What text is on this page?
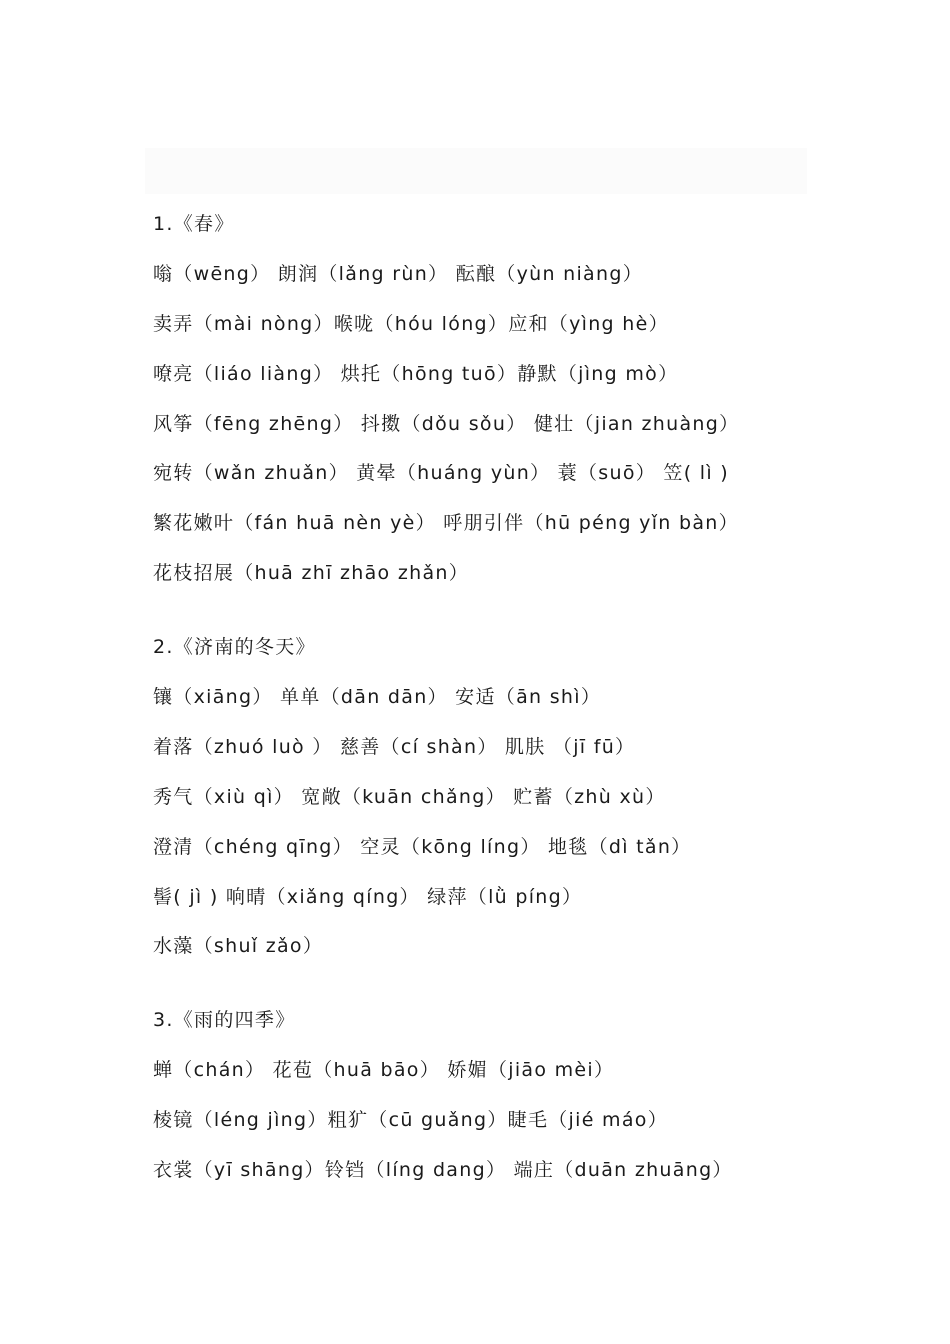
1.《春》
嗡（wēng） 朗润（lǎng rùn） 酝酿（yùn niàng）
卖弄（mài nòng）喉咙（hóu lóng）应和（yìng hè）
嘹亮（liáo liàng） 烘托（hōng tuō）静默（jìng mò）
风筝（fēng zhēng） 抖擞（dǒu sǒu） 健壮（jian zhuàng）
宛转（wǎn zhuǎn） 黄晕（huáng yùn） 蓑（suō） 笠( lì )
繁花嫩叶（fán huā nèn yè） 呼朋引伴（hū péng yǐn bàn）
花枝招展（huā zhī zhāo zhǎn）
2.《济南的冬天》
镶（xiāng） 单单（dān dān） 安适（ān shì）
着落（zhuó luò ） 慈善（cí shàn） 肌肤 （jī fū）
秀气（xiù qì） 宽敞（kuān chǎng） 贮蓄（zhù xù）
澄清（chéng qīng） 空灵（kōng líng） 地毯（dì tǎn）
髻( jì ) 响晴（xiǎng qíng） 绿萍（lǜ píng）
水藻（shuǐ zǎo）
3.《雨的四季》
蝉（chán） 花苞（huā bāo） 娇媚（jiāo mèi）
棱镜（léng jìng）粗犷（cū guǎng）睫毛（jié máo）
衣裳（yī shāng）铃铛（líng dang） 端庄（duān zhuāng）
